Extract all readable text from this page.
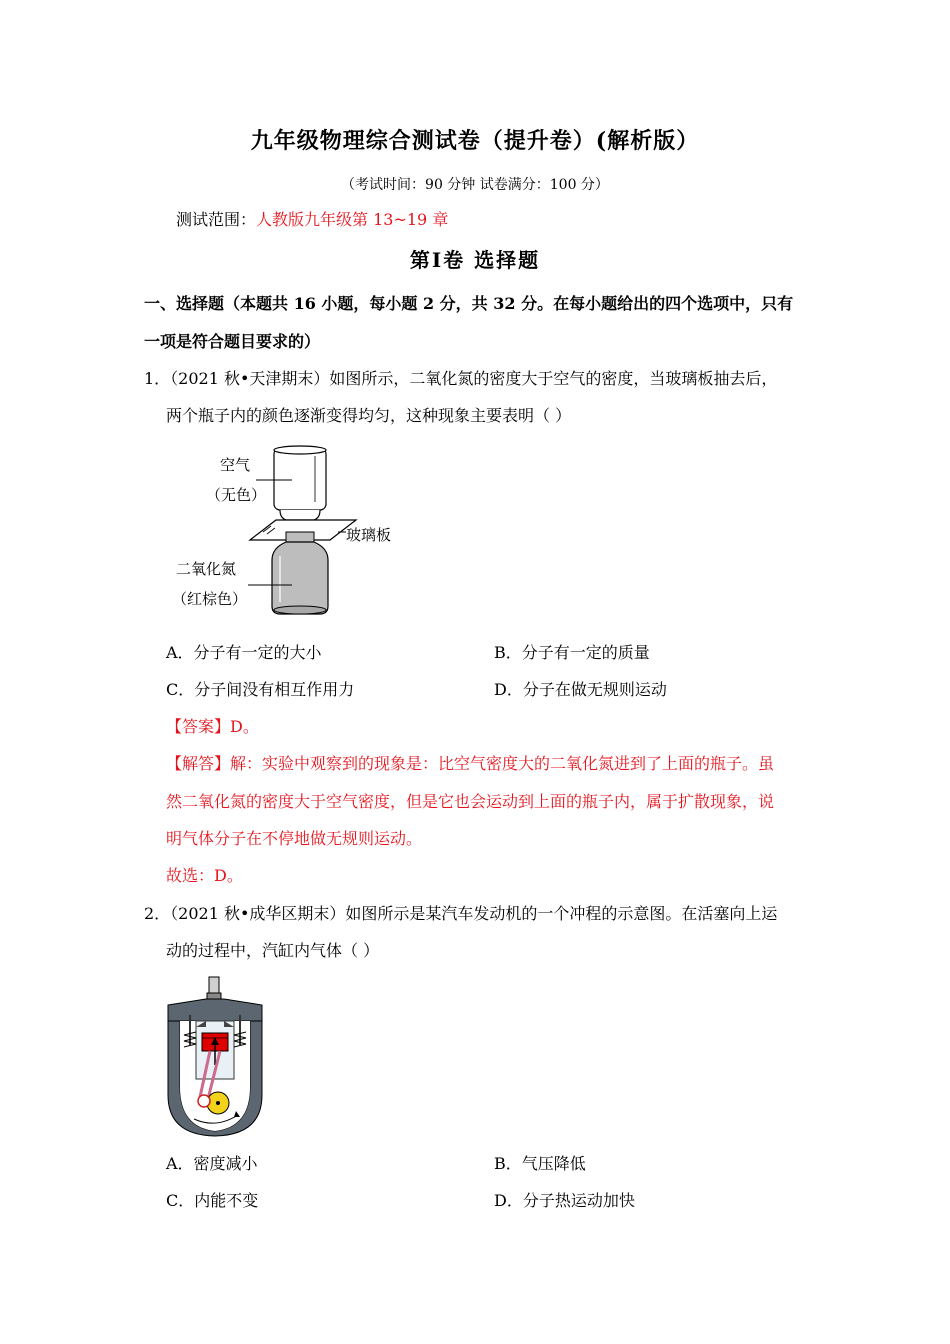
九年级物理综合测试卷（提升卷）(解析版）
（考试时间：90 分钟 试卷满分：100 分）
测试范围：人教版九年级第 13~19 章
第Ⅰ卷 选择题
一、选择题（本题共 16 小题，每小题 2 分，共 32 分。在每小题给出的四个选项中，只有
一项是符合题目要求的）
1．（2021 秋•天津期末）如图所示，二氧化氮的密度大于空气的密度，当玻璃板抽去后，
两个瓶子内的颜色逐渐变得均匀，这种现象主要表明（ ）
空气
（无色）
玻璃板
二氧化氮
（红棕色）
A．分子有一定的大小	B．分子有一定的质量
C．分子间没有相互作用力	D．分子在做无规则运动
【答案】D。
【解答】解：实验中观察到的现象是：比空气密度大的二氧化氮进到了上面的瓶子。虽
然二氧化氮的密度大于空气密度，但是它也会运动到上面的瓶子内，属于扩散现象，说
明气体分子在不停地做无规则运动。
故选：D。
2．（2021 秋•成华区期末）如图所示是某汽车发动机的一个冲程的示意图。在活塞向上运
动的过程中，汽缸内气体（ ）
A．密度减小	B．气压降低
C．内能不变	D．分子热运动加快
